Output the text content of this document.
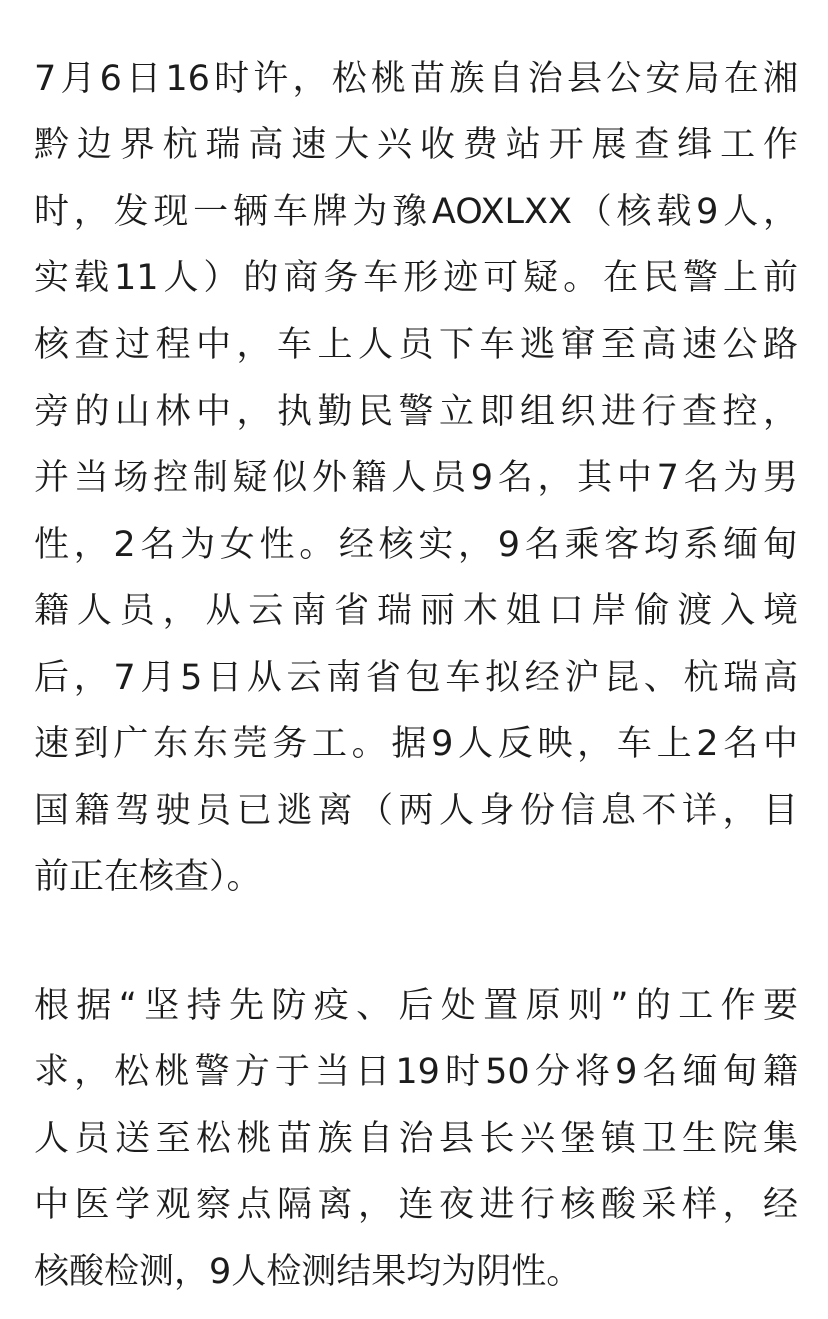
7月6日16时许，松桃苗族自治县公安局在湘
黔边界杭瑞高速大兴收费站开展查缉工作
时，发现一辆车牌为豫AOXLXX（核载9人，
实载11人）的商务车形迹可疑。在民警上前
核查过程中，车上人员下车逃窜至高速公路
旁的山林中，执勤民警立即组织进行查控，
并当场控制疑似外籍人员9名，其中7名为男
性，2名为女性。经核实，9名乘客均系缅甸
籍人员，从云南省瑞丽木姐口岸偷渡入境
后，7月5日从云南省包车拟经沪昆、杭瑞高
速到广东东莞务工。据9人反映，车上2名中
国籍驾驶员已逃离（两人身份信息不详，目
前正在核查）。
根据“坚持先防疫、后处置原则”的工作要
求，松桃警方于当日19时50分将9名缅甸籍
人员送至松桃苗族自治县长兴堡镇卫生院集
中医学观察点隔离，连夜进行核酸采样，经
核酸检测，9人检测结果均为阴性。
